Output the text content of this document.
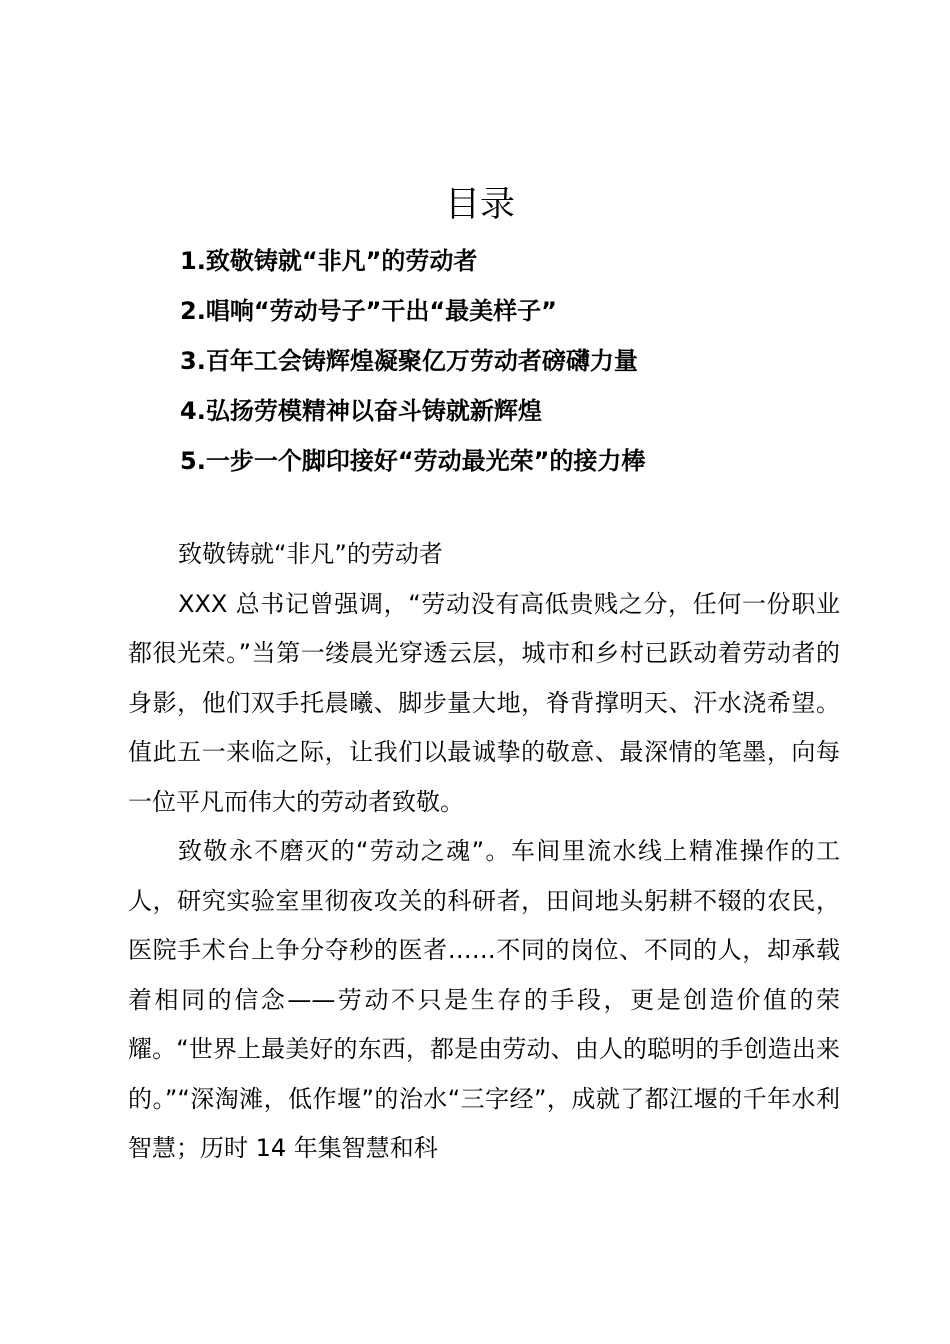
目录
1.致敬铸就“非凡”的劳动者
2.唱响“劳动号子”干出“最美样子”
3.百年工会铸辉煌凝聚亿万劳动者磅礴力量
4.弘扬劳模精神以奋斗铸就新辉煌
5.一步一个脚印接好“劳动最光荣”的接力棒

致敬铸就“非凡”的劳动者

XXX 总书记曾强调，“劳动没有高低贵贱之分，任何一份职业都很光荣。”当第一缕晨光穿透云层，城市和乡村已跃动着劳动者的身影，他们双手托晨曦、脚步量大地，脊背撑明天、汗水浇希望。值此五一来临之际，让我们以最诚挚的敬意、最深情的笔墨，向每一位平凡而伟大的劳动者致敬。

致敬永不磨灭的“劳动之魂”。车间里流水线上精准操作的工人，研究实验室里彻夜攻关的科研者，田间地头躬耕不辍的农民，医院手术台上争分夺秒的医者……不同的岗位、不同的人，却承载着相同的信念——劳动不只是生存的手段，更是创造价值的荣耀。“世界上最美好的东西，都是由劳动、由人的聪明的手创造出来的。”“深淘滩，低作堰”的治水“三字经”，成就了都江堰的千年水利智慧；历时 14 年集智慧和科
